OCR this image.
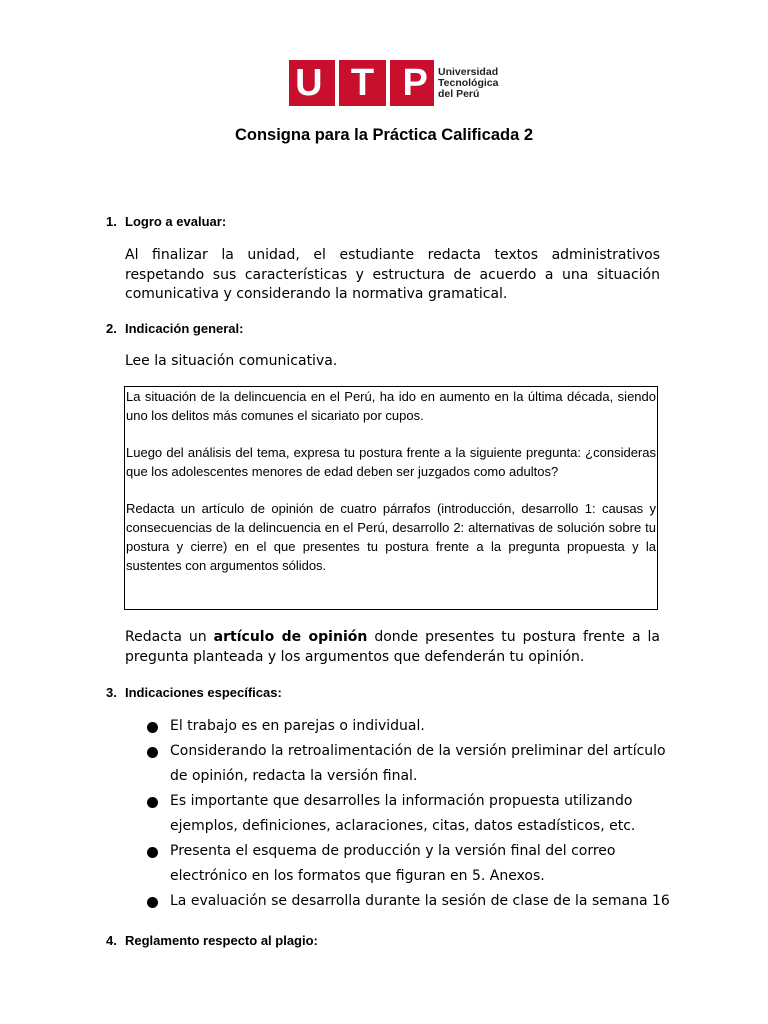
U T P Universidad
Tecnológica
del Perú
Consigna para la Práctica Calificada 2
1. Logro a evaluar:
Al finalizar la unidad, el estudiante redacta textos administrativos respetando sus características y estructura de acuerdo a una situación comunicativa y considerando la normativa gramatical.
2. Indicación general:
Lee la situación comunicativa.

La situación de la delincuencia en el Perú, ha ido en aumento en la última década, siendo uno los delitos más comunes el sicariato por cupos.

Luego del análisis del tema, expresa tu postura frente a la siguiente pregunta: ¿consideras que los adolescentes menores de edad deben ser juzgados como adultos?

Redacta un artículo de opinión de cuatro párrafos (introducción, desarrollo 1: causas y consecuencias de la delincuencia en el Perú, desarrollo 2: alternativas de solución sobre tu postura y cierre) en el que presentes tu postura frente a la pregunta propuesta y la sustentes con argumentos sólidos.

Redacta un artículo de opinión donde presentes tu postura frente a la pregunta planteada y los argumentos que defenderán tu opinión.
3. Indicaciones específicas:
El trabajo es en parejas o individual.
Considerando la retroalimentación de la versión preliminar del artículo de opinión, redacta la versión final.
Es importante que desarrolles la información propuesta utilizando ejemplos, definiciones, aclaraciones, citas, datos estadísticos, etc.
Presenta el esquema de producción y la versión final del correo electrónico en los formatos que figuran en 5. Anexos.
La evaluación se desarrolla durante la sesión de clase de la semana 16
4. Reglamento respecto al plagio:
